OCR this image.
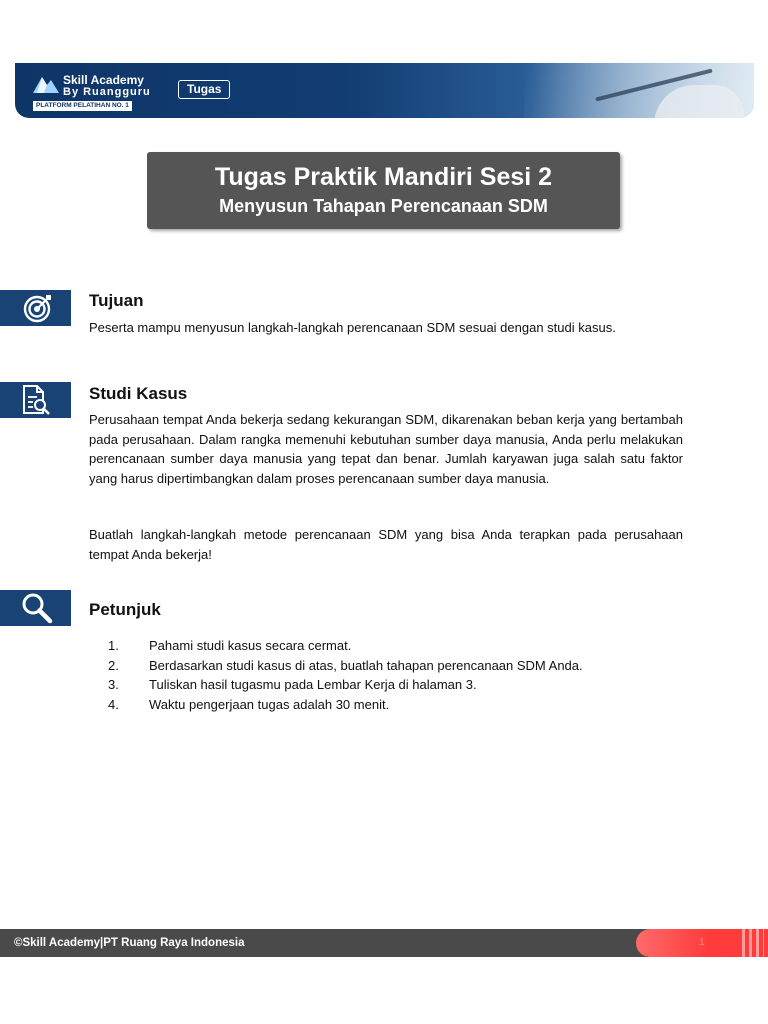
Skill Academy
By Ruangguru
PLATFORM PELATIHAN NO. 1
Tugas
Tugas Praktik Mandiri Sesi 2
Menyusun Tahapan Perencanaan SDM
Tujuan

Peserta mampu menyusun langkah-langkah perencanaan SDM sesuai dengan studi kasus.

Studi Kasus

Perusahaan tempat Anda bekerja sedang kekurangan SDM, dikarenakan beban kerja yang bertambah pada perusahaan. Dalam rangka memenuhi kebutuhan sumber daya manusia, Anda perlu melakukan perencanaan sumber daya manusia yang tepat dan benar. Jumlah karyawan juga salah satu faktor yang harus dipertimbangkan dalam proses perencanaan sumber daya manusia.

Buatlah langkah-langkah metode perencanaan SDM yang bisa Anda terapkan pada perusahaan tempat Anda bekerja!

Petunjuk
1.	Pahami studi kasus secara cermat.
2.	Berdasarkan studi kasus di atas, buatlah tahapan perencanaan SDM Anda.
3.	Tuliskan hasil tugasmu pada Lembar Kerja di halaman 3.
4.	Waktu pengerjaan tugas adalah 30 menit.
©Skill Academy|PT Ruang Raya Indonesia	1
